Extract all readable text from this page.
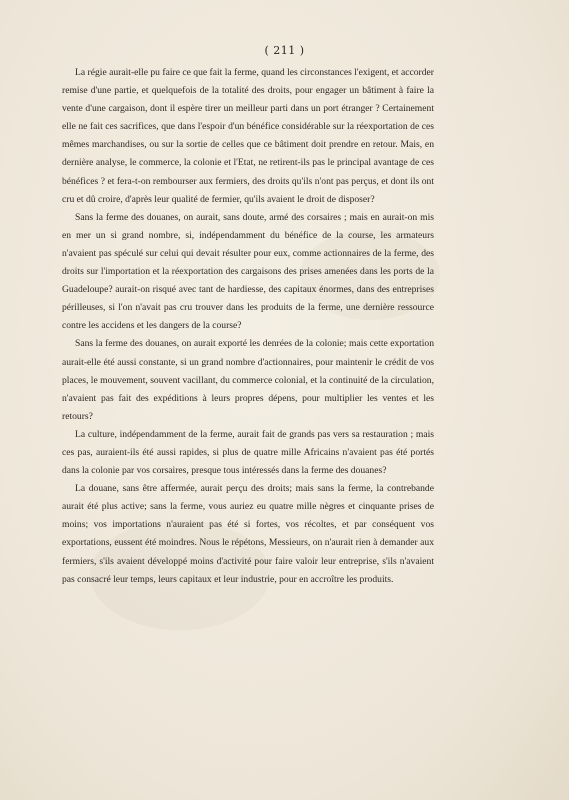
( 211 )

La régie aurait-elle pu faire ce que fait la ferme, quand les circonstances l'exigent, et accorder remise d'une partie, et quelquefois de la totalité des droits, pour engager un bâtiment à faire la vente d'une cargaison, dont il espère tirer un meilleur parti dans un port étranger ? Certainement elle ne fait ces sacrifices, que dans l'espoir d'un bénéfice considérable sur la réexportation de ces mêmes marchandises, ou sur la sortie de celles que ce bâtiment doit prendre en retour. Mais, en dernière analyse, le commerce, la colonie et l'Etat, ne retirent-ils pas le principal avantage de ces bénéfices ? et fera-t-on rembourser aux fermiers, des droits qu'ils n'ont pas perçus, et dont ils ont cru et dû croire, d'après leur qualité de fermier, qu'ils avaient le droit de disposer?

Sans la ferme des douanes, on aurait, sans doute, armé des corsaires ; mais en aurait-on mis en mer un si grand nombre, si, indépendamment du bénéfice de la course, les armateurs n'avaient pas spéculé sur celui qui devait résulter pour eux, comme actionnaires de la ferme, des droits sur l'importation et la réexportation des cargaisons des prises amenées dans les ports de la Guadeloupe? aurait-on risqué avec tant de hardiesse, des capitaux énormes, dans des entreprises périlleuses, si l'on n'avait pas cru trouver dans les produits de la ferme, une dernière ressource contre les accidens et les dangers de la course?

Sans la ferme des douanes, on aurait exporté les denrées de la colonie; mais cette exportation aurait-elle été aussi constante, si un grand nombre d'actionnaires, pour maintenir le crédit de vos places, le mouvement, souvent vacillant, du commerce colonial, et la continuité de la circulation, n'avaient pas fait des expéditions à leurs propres dépens, pour multiplier les ventes et les retours?

La culture, indépendamment de la ferme, aurait fait de grands pas vers sa restauration ; mais ces pas, auraient-ils été aussi rapides, si plus de quatre mille Africains n'avaient pas été portés dans la colonie par vos corsaires, presque tous intéressés dans la ferme des douanes?

La douane, sans être affermée, aurait perçu des droits; mais sans la ferme, la contrebande aurait été plus active; sans la ferme, vous auriez eu quatre mille nègres et cinquante prises de moins; vos importations n'auraient pas été si fortes, vos récoltes, et par conséquent vos exportations, eussent été moindres. Nous le répétons, Messieurs, on n'aurait rien à demander aux fermiers, s'ils avaient développé moins d'activité pour faire valoir leur entreprise, s'ils n'avaient pas consacré leur temps, leurs capitaux et leur industrie, pour en accroître les produits.
